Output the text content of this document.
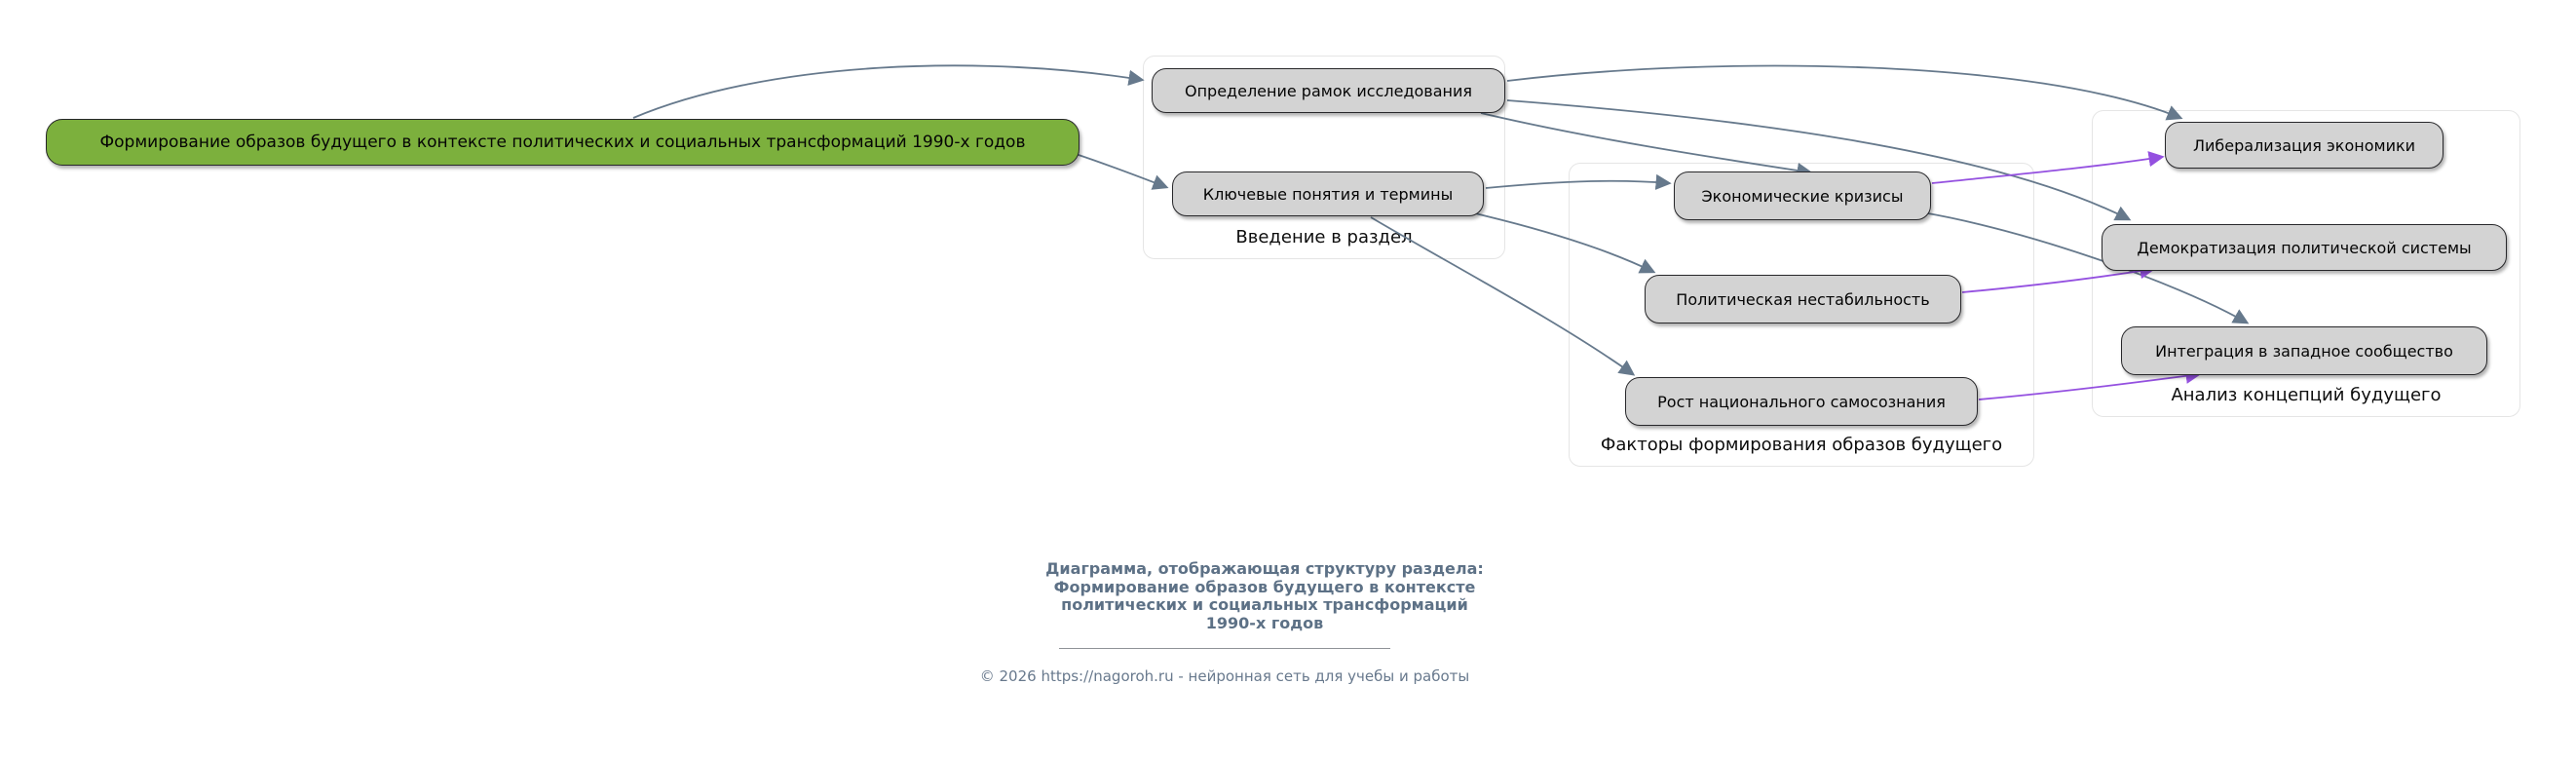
Введение в раздел
Факторы формирования образов будущего
Анализ концепций будущего
Формирование образов будущего в контексте политических и социальных трансформаций 1990-х годов
Определение рамок исследования
Ключевые понятия и термины	Экономические кризисы
Политическая нестабильность
Рост национального самосознания
Либерализация экономики
Демократизация политической системы
Интеграция в западное сообщество
Диаграмма, отображающая структуру раздела:
Формирование образов будущего в контексте
политических и социальных трансформаций
1990-х годов
© 2026 https://nagoroh.ru - нейронная сеть для учебы и работы
